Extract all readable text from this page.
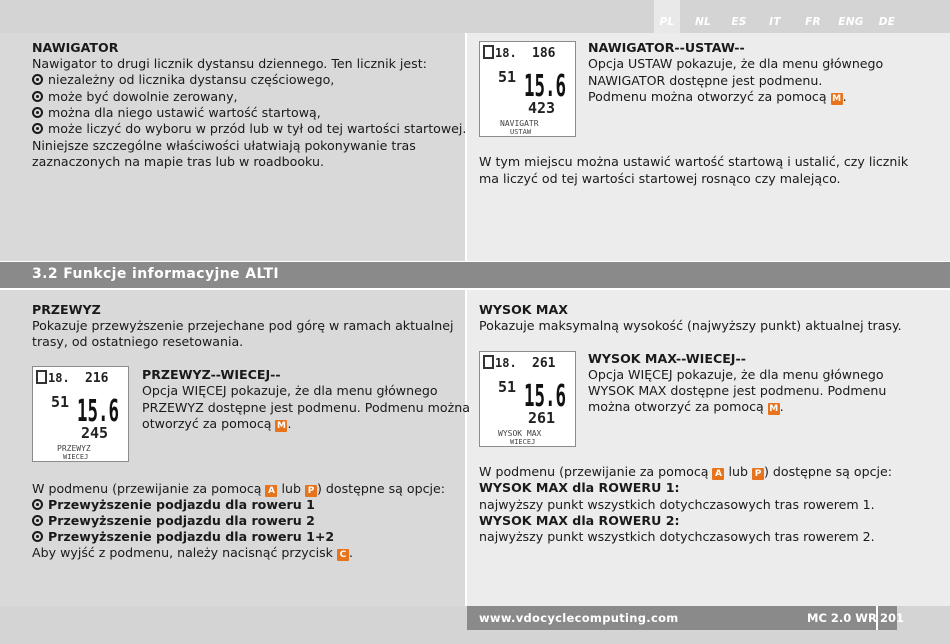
PL	NL	ES	IT	FR	ENG	DE
NAWIGATOR
Nawigator to drugi licznik dystansu dziennego. Ten licznik jest:
niezależny od licznika dystansu częściowego,
może być dowolnie zerowany,
można dla niego ustawić wartość startową,
może liczyć do wyboru w przód lub w tył od tej wartości startowej.
Niniejsze szczególne właściwości ułatwiają pokonywanie tras
zaznaczonych na mapie tras lub w roadbooku.
18. 186
51 15.6
423
NAVIGATR
USTAW
NAWIGATOR--USTAW--
Opcja USTAW pokazuje, że dla menu głównego
NAWIGATOR dostępne jest podmenu.
Podmenu można otworzyć za pomocą M .
W tym miejscu można ustawić wartość startową i ustalić, czy licznik
ma liczyć od tej wartości startowej rosnąco czy malejąco.
3.2 Funkcje informacyjne ALTI
PRZEWYZ
Pokazuje przewyższenie przejechane pod górę w ramach aktualnej
trasy, od ostatniego resetowania.
18. 216
51 15.6
245
PRZEWYZ
WIECEJ
PRZEWYZ--WIECEJ--
Opcja WIĘCEJ pokazuje, że dla menu głównego
PRZEWYZ dostępne jest podmenu. Podmenu można
otworzyć za pomocą M .
W podmenu (przewijanie za pomocą A lub P ) dostępne są opcje:
Przewyższenie podjazdu dla roweru 1
Przewyższenie podjazdu dla roweru 2
Przewyższenie podjazdu dla roweru 1+2
Aby wyjść z podmenu, należy nacisnąć przycisk C .
WYSOK MAX
Pokazuje maksymalną wysokość (najwyższy punkt) aktualnej trasy.
18. 261
51 15.6
261
WYSOK MAX
WIECEJ
WYSOK MAX--WIECEJ--
Opcja WIĘCEJ pokazuje, że dla menu głównego
WYSOK MAX dostępne jest podmenu. Podmenu
można otworzyć za pomocą M .
W podmenu (przewijanie za pomocą A lub P ) dostępne są opcje:
WYSOK MAX dla ROWERU 1:
najwyższy punkt wszystkich dotychczasowych tras rowerem 1.
WYSOK MAX dla ROWERU 2:
najwyższy punkt wszystkich dotychczasowych tras rowerem 2.
www.vdocyclecomputing.com	MC 2.0 WR 201
